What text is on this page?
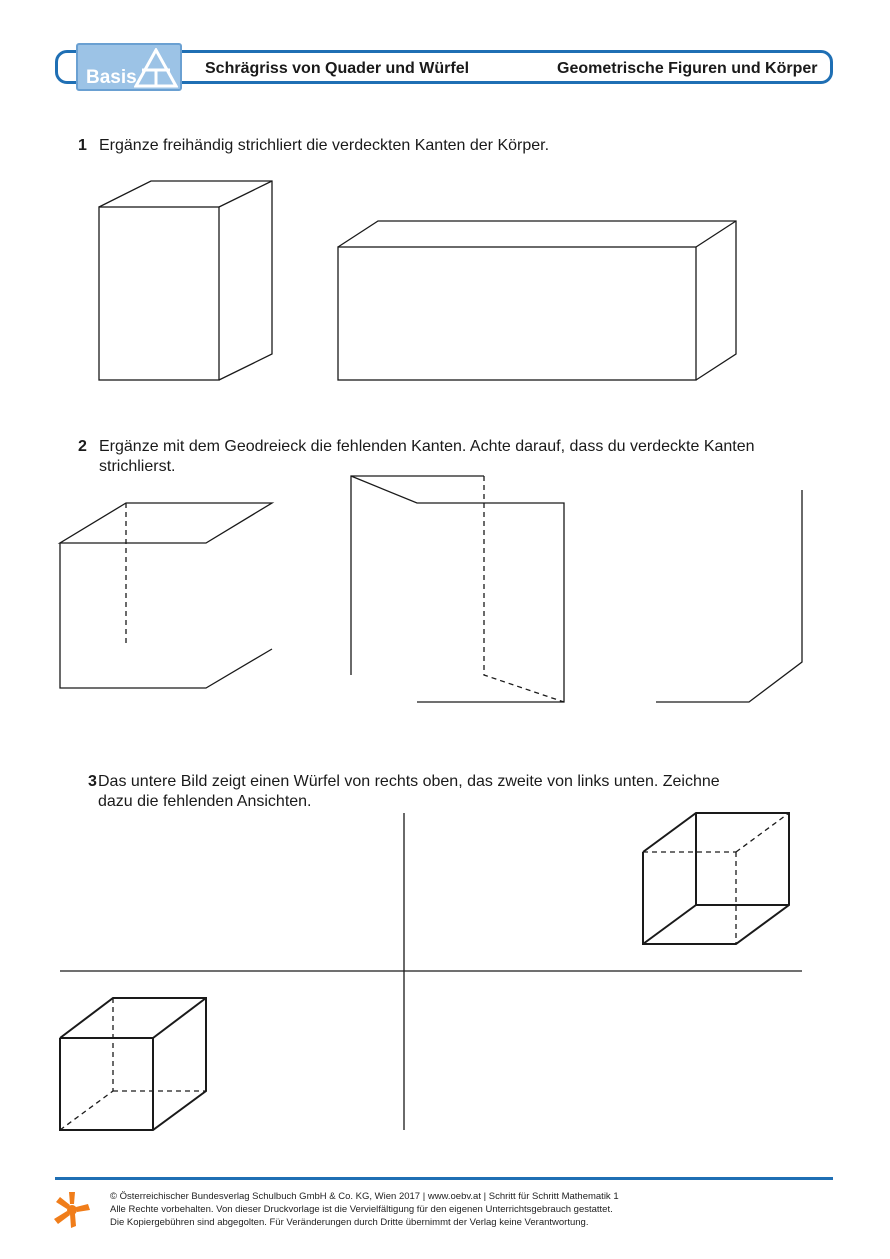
Basis	Schrägriss von Quader und Würfel	Geometrische Figuren und Körper
1 Ergänze freihändig strichliert die verdeckten Kanten der Körper.
2 Ergänze mit dem Geodreieck die fehlenden Kanten. Achte darauf, dass du verdeckte Kanten
strichlierst.
3 Das untere Bild zeigt einen Würfel von rechts oben, das zweite von links unten. Zeichne
dazu die fehlenden Ansichten.
© Österreichischer Bundesverlag Schulbuch GmbH & Co. KG, Wien 2017 | www.oebv.at | Schritt für Schritt Mathematik 1
Alle Rechte vorbehalten. Von dieser Druckvorlage ist die Vervielfältigung für den eigenen Unterrichtsgebrauch gestattet.
Die Kopiergebühren sind abgegolten. Für Veränderungen durch Dritte übernimmt der Verlag keine Verantwortung.
